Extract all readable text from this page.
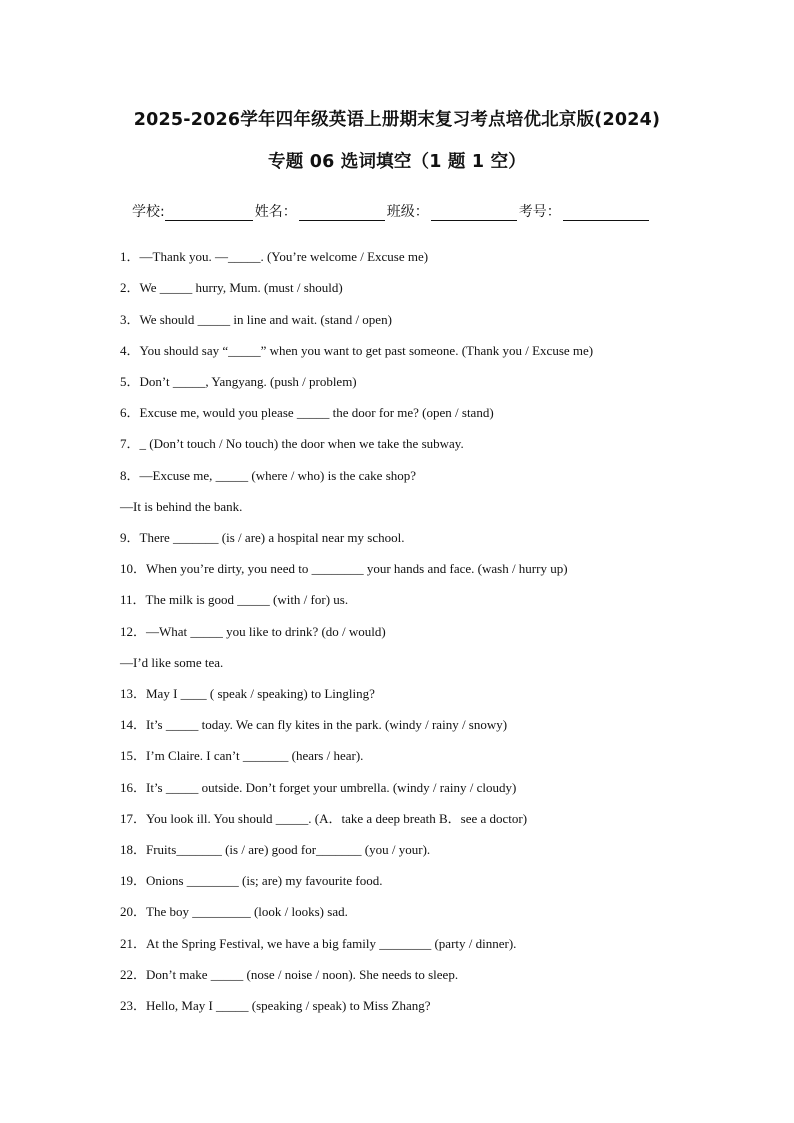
2025-2026学年四年级英语上册期末复习考点培优北京版(2024)
专题 06 选词填空（1 题 1 空）
学校:	姓名：	班级：	考号：
1．—Thank you. —_____. (You’re welcome / Excuse me)
2．We _____ hurry, Mum. (must / should)
3．We should _____ in line and wait. (stand / open)
4．You should say “_____” when you want to get past someone. (Thank you / Excuse me)
5．Don’t _____, Yangyang. (push / problem)
6．Excuse me, would you please _____ the door for me? (open / stand)
7．_ (Don’t touch / No touch) the door when we take the subway.
8．—Excuse me, _____ (where / who) is the cake shop?
—It is behind the bank.
9．There _______ (is / are) a hospital near my school.
10．When you’re dirty, you need to ________ your hands and face. (wash / hurry up)
11．The milk is good _____ (with / for) us.
12．—What _____ you like to drink? (do / would)
—I’d like some tea.
13．May I ____ ( speak / speaking) to Lingling?
14．It’s _____ today. We can fly kites in the park. (windy / rainy / snowy)
15．I’m Claire. I can’t _______ (hears / hear).
16．It’s _____ outside. Don’t forget your umbrella. (windy / rainy / cloudy)
17．You look ill. You should _____. (A．take a deep breath B．see a doctor)
18．Fruits_______ (is / are) good for_______ (you / your).
19．Onions ________ (is; are) my favourite food.
20．The boy _________ (look / looks) sad.
21．At the Spring Festival, we have a big family ________ (party / dinner).
22．Don’t make _____ (nose / noise / noon). She needs to sleep.
23．Hello, May I _____ (speaking / speak) to Miss Zhang?
